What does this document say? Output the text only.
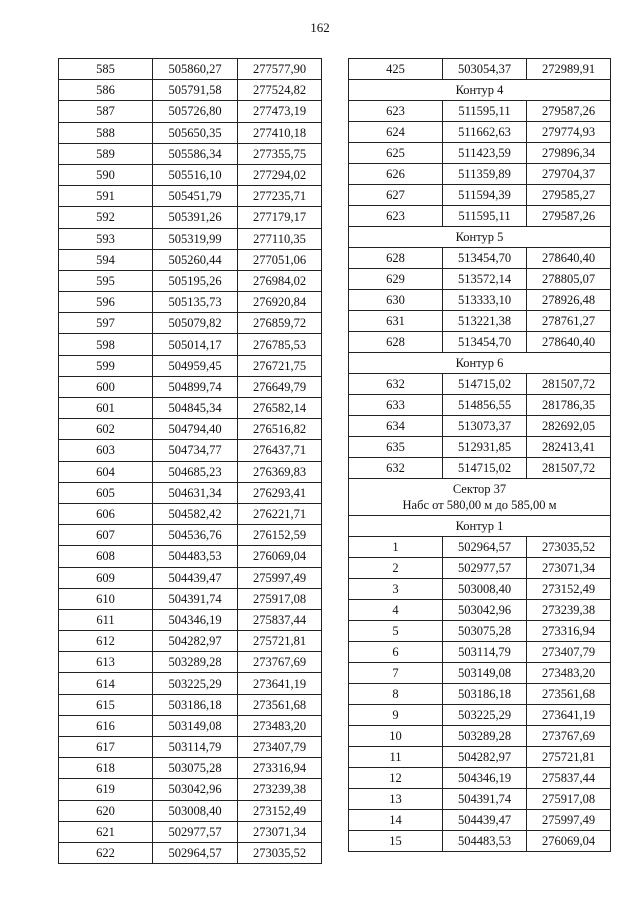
162
585	505860,27	277577,90
586	505791,58	277524,82
587	505726,80	277473,19
588	505650,35	277410,18
589	505586,34	277355,75
590	505516,10	277294,02
591	505451,79	277235,71
592	505391,26	277179,17
593	505319,99	277110,35
594	505260,44	277051,06
595	505195,26	276984,02
596	505135,73	276920,84
597	505079,82	276859,72
598	505014,17	276785,53
599	504959,45	276721,75
600	504899,74	276649,79
601	504845,34	276582,14
602	504794,40	276516,82
603	504734,77	276437,71
604	504685,23	276369,83
605	504631,34	276293,41
606	504582,42	276221,71
607	504536,76	276152,59
608	504483,53	276069,04
609	504439,47	275997,49
610	504391,74	275917,08
611	504346,19	275837,44
612	504282,97	275721,81
613	503289,28	273767,69
614	503225,29	273641,19
615	503186,18	273561,68
616	503149,08	273483,20
617	503114,79	273407,79
618	503075,28	273316,94
619	503042,96	273239,38
620	503008,40	273152,49
621	502977,57	273071,34
622	502964,57	273035,52
425	503054,37	272989,91
Контур 4		
623	511595,11	279587,26
624	511662,63	279774,93
625	511423,59	279896,34
626	511359,89	279704,37
627	511594,39	279585,27
623	511595,11	279587,26
Контур 5		
628	513454,70	278640,40
629	513572,14	278805,07
630	513333,10	278926,48
631	513221,38	278761,27
628	513454,70	278640,40
Контур 6		
632	514715,02	281507,72
633	514856,55	281786,35
634	513073,37	282692,05
635	512931,85	282413,41
632	514715,02	281507,72

Сектор 37
Набс от 580,00 м до 585,00 м		

Контур 1		
1	502964,57	273035,52
2	502977,57	273071,34
3	503008,40	273152,49
4	503042,96	273239,38
5	503075,28	273316,94
6	503114,79	273407,79
7	503149,08	273483,20
8	503186,18	273561,68
9	503225,29	273641,19
10	503289,28	273767,69
11	504282,97	275721,81
12	504346,19	275837,44
13	504391,74	275917,08
14	504439,47	275997,49
15	504483,53	276069,04
